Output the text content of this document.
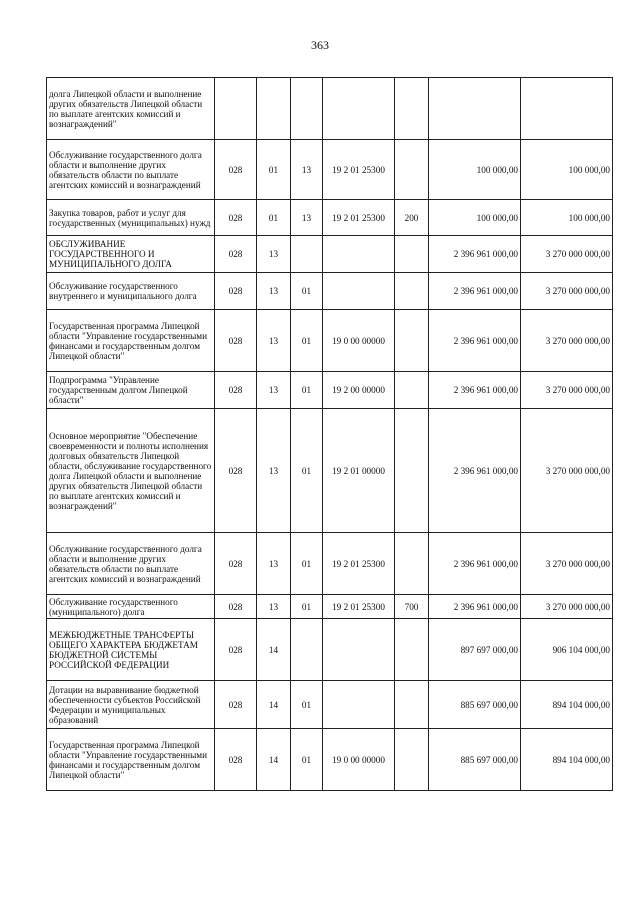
363
долга Липецкой области и выполнение других обязательств Липецкой области по выплате агентских комиссий и вознаграждений"							
Обслуживание государственного долга области и выполнение других обязательств области по выплате агентских комиссий и вознаграждений	028	01	13	19 2 01 25300		100 000,00	100 000,00
Закупка товаров, работ и услуг для государственных (муниципальных) нужд	028	01	13	19 2 01 25300	200	100 000,00	100 000,00
ОБСЛУЖИВАНИЕ ГОСУДАРСТВЕННОГО И МУНИЦИПАЛЬНОГО ДОЛГА	028	13				2 396 961 000,00	3 270 000 000,00
Обслуживание государственного внутреннего и муниципального долга	028	13	01			2 396 961 000,00	3 270 000 000,00
Государственная программа Липецкой области "Управление государственными финансами и государственным долгом Липецкой области"	028	13	01	19 0 00 00000		2 396 961 000,00	3 270 000 000,00
Подпрограмма "Управление государственным долгом Липецкой области"	028	13	01	19 2 00 00000		2 396 961 000,00	3 270 000 000,00
Основное мероприятие "Обеспечение своевременности и полноты исполнения долговых обязательств Липецкой области, обслуживание государственного долга Липецкой области и выполнение других обязательств Липецкой области по выплате агентских комиссий и вознаграждений"	028	13	01	19 2 01 00000		2 396 961 000,00	3 270 000 000,00
Обслуживание государственного долга области и выполнение других обязательств области по выплате агентских комиссий и вознаграждений	028	13	01	19 2 01 25300		2 396 961 000,00	3 270 000 000,00
Обслуживание государственного (муниципального) долга	028	13	01	19 2 01 25300	700	2 396 961 000,00	3 270 000 000,00
МЕЖБЮДЖЕТНЫЕ ТРАНСФЕРТЫ ОБЩЕГО ХАРАКТЕРА БЮДЖЕТАМ БЮДЖЕТНОЙ СИСТЕМЫ РОССИЙСКОЙ ФЕДЕРАЦИИ	028	14				897 697 000,00	906 104 000,00
Дотации на выравнивание бюджетной обеспеченности субъектов Российской Федерации и муниципальных образований	028	14	01			885 697 000,00	894 104 000,00
Государственная программа Липецкой области "Управление государственными финансами и государственным долгом Липецкой области"	028	14	01	19 0 00 00000		885 697 000,00	894 104 000,00
